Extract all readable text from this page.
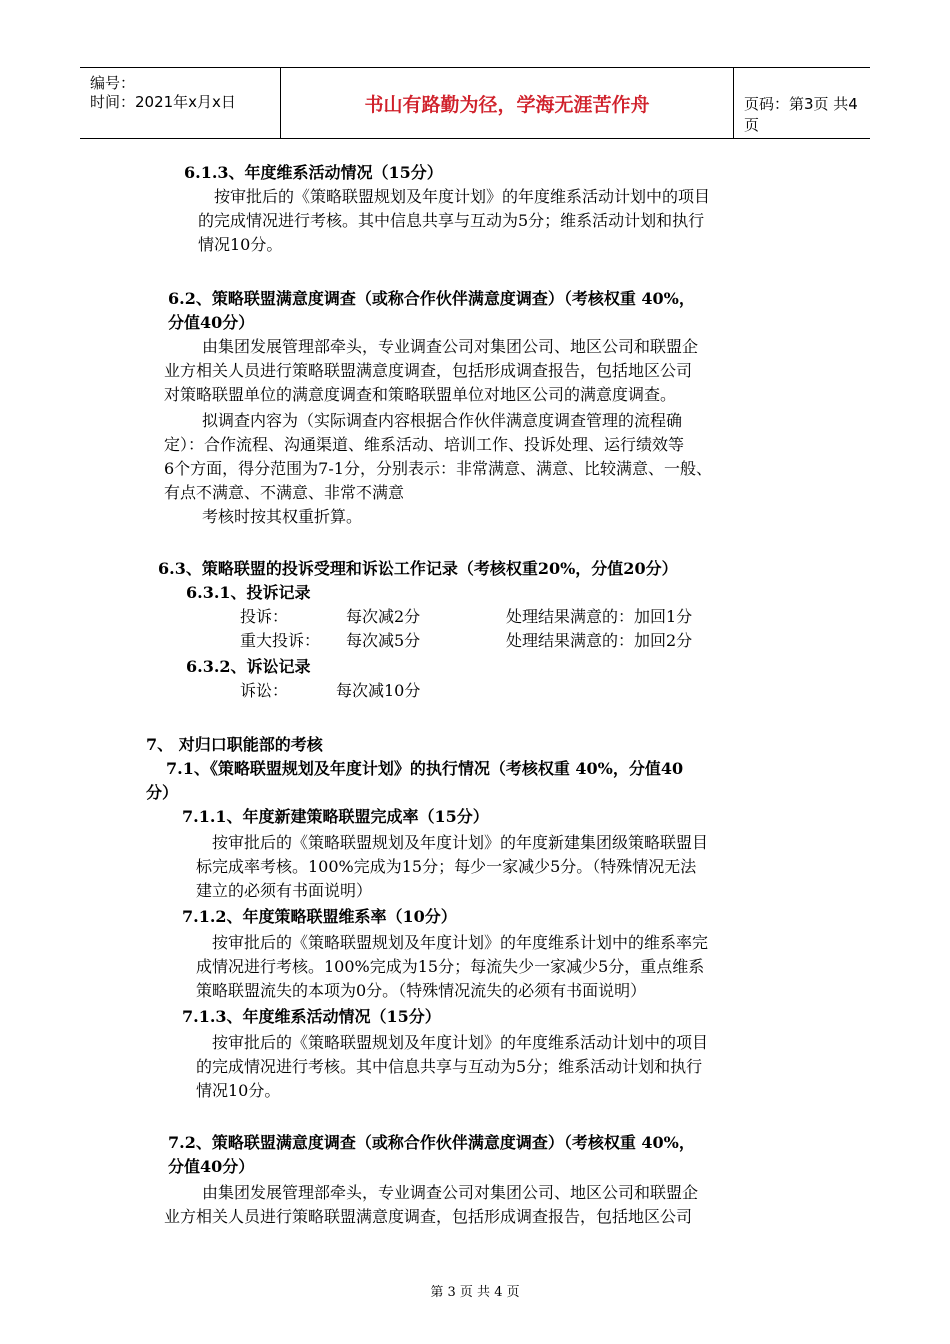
编号：
时间：2021年x月x日	书山有路勤为径，学海无涯苦作舟	页码：第3页 共4页
6.1.3、年度维系活动情况（15分）
按审批后的《策略联盟规划及年度计划》的年度维系活动计划中的项目
的完成情况进行考核。其中信息共享与互动为5分；维系活动计划和执行
情况10分。
6.2、策略联盟满意度调查（或称合作伙伴满意度调查）（考核权重 40%，
分值40分）
由集团发展管理部牵头，专业调查公司对集团公司、地区公司和联盟企
业方相关人员进行策略联盟满意度调查，包括形成调查报告，包括地区公司
对策略联盟单位的满意度调查和策略联盟单位对地区公司的满意度调查。
拟调查内容为（实际调查内容根据合作伙伴满意度调查管理的流程确
定）：合作流程、沟通渠道、维系活动、培训工作、投诉处理、运行绩效等
6个方面，得分范围为7-1分，分别表示：非常满意、满意、比较满意、一般、
有点不满意、不满意、非常不满意
考核时按其权重折算。
6.3、策略联盟的投诉受理和诉讼工作记录（考核权重20%，分值20分）
6.3.1、投诉记录
投诉：	每次减2分	处理结果满意的：加回1分
重大投诉： 每次减5分	处理结果满意的：加回2分
6.3.2、诉讼记录
诉讼：	每次减10分
7、 对归口职能部的考核
7.1、《策略联盟规划及年度计划》的执行情况（考核权重 40%，分值40
分）
7.1.1、年度新建策略联盟完成率（15分）
按审批后的《策略联盟规划及年度计划》的年度新建集团级策略联盟目
标完成率考核。100%完成为15分；每少一家减少5分。（特殊情况无法
建立的必须有书面说明）
7.1.2、年度策略联盟维系率（10分）
按审批后的《策略联盟规划及年度计划》的年度维系计划中的维系率完
成情况进行考核。100%完成为15分；每流失少一家减少5分，重点维系
策略联盟流失的本项为0分。（特殊情况流失的必须有书面说明）
7.1.3、年度维系活动情况（15分）
按审批后的《策略联盟规划及年度计划》的年度维系活动计划中的项目
的完成情况进行考核。其中信息共享与互动为5分；维系活动计划和执行
情况10分。
7.2、策略联盟满意度调查（或称合作伙伴满意度调查）（考核权重 40%，
分值40分）
由集团发展管理部牵头，专业调查公司对集团公司、地区公司和联盟企
业方相关人员进行策略联盟满意度调查，包括形成调查报告，包括地区公司
第 3 页 共 4 页
